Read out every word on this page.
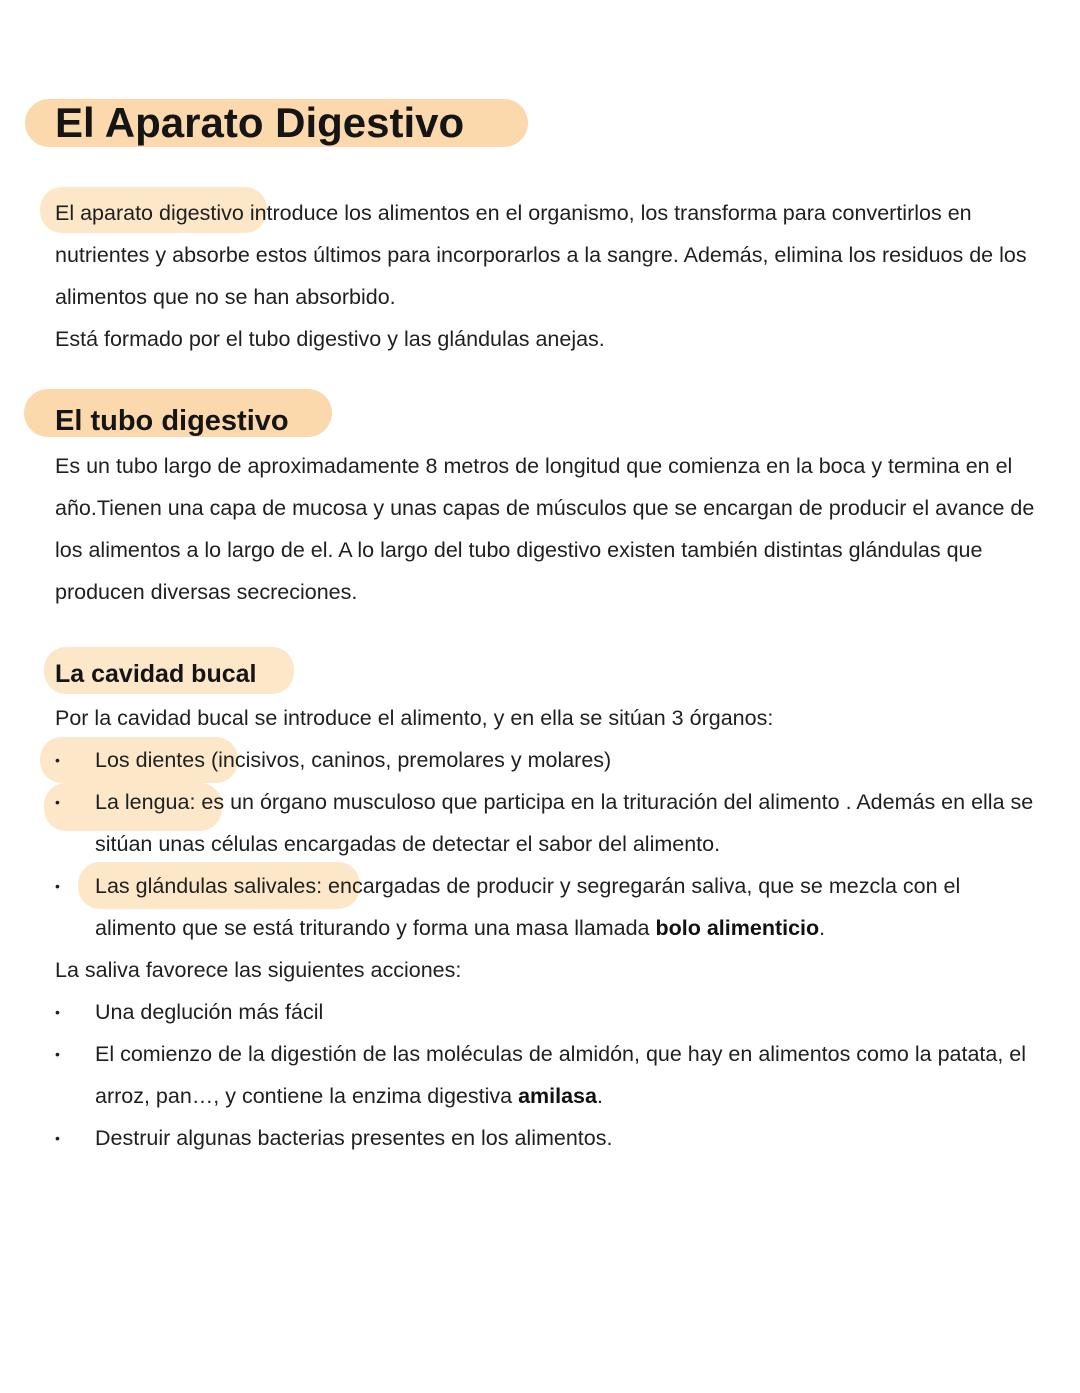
El Aparato Digestivo

El aparato digestivo introduce los alimentos en el organismo, los transforma para convertirlos en nutrientes y absorbe estos últimos para incorporarlos a la sangre. Además, elimina los residuos de los alimentos que no se han absorbido.

Está formado por el tubo digestivo y las glándulas anejas.

El tubo digestivo

Es un tubo largo de aproximadamente 8 metros de longitud que comienza en la boca y termina en el año.Tienen una capa de mucosa y unas capas de músculos que se encargan de producir el avance de los alimentos a lo largo de el. A lo largo del tubo digestivo existen también distintas glándulas que producen diversas secreciones.

La cavidad bucal

Por la cavidad bucal se introduce el alimento, y en ella se sitúan 3 órganos:

• Los dientes (incisivos, caninos, premolares y molares)

• La lengua: es un órgano musculoso que participa en la trituración del alimento . Además en ella se sitúan unas células encargadas de detectar el sabor del alimento.

• Las glándulas salivales: encargadas de producir y segregarán saliva, que se mezcla con el alimento que se está triturando y forma una masa llamada bolo alimenticio.

La saliva favorece las siguientes acciones:

• Una deglución más fácil

• El comienzo de la digestión de las moléculas de almidón, que hay en alimentos como la patata, el arroz, pan…, y contiene la enzima digestiva amilasa.

• Destruir algunas bacterias presentes en los alimentos.
